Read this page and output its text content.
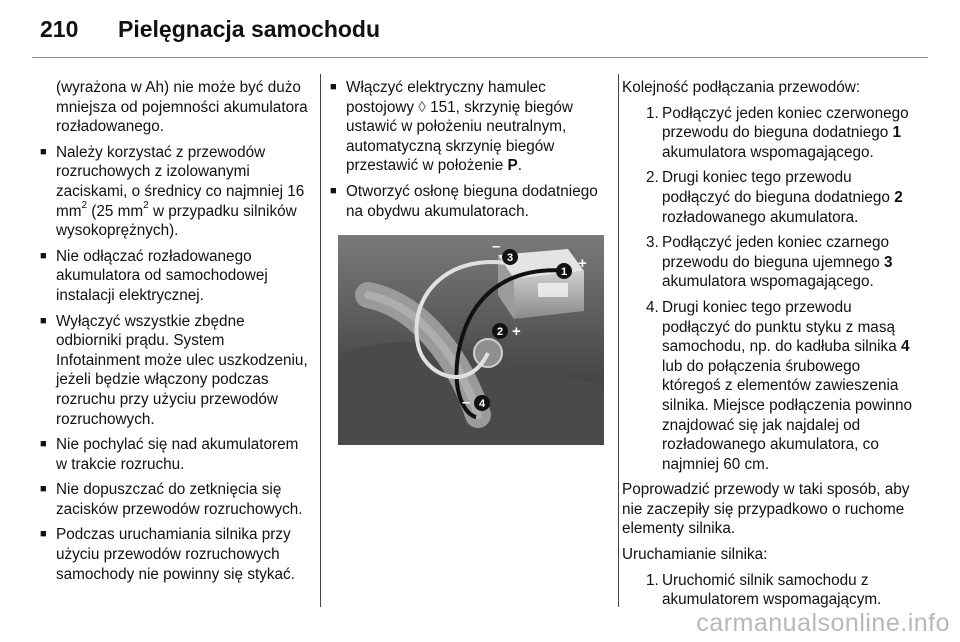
210 Pielęgnacja samochodu

(wyrażona w Ah) nie może być dużo mniejsza od pojemności akumulatora rozładowanego.

■ Należy korzystać z przewodów rozruchowych z izolowanymi zaciskami, o średnicy co najmniej 16 $mm^2$ (25 $mm^2$ w przypadku silników wysokoprężnych).
■ Nie odłączać rozładowanego akumulatora od samochodowej instalacji elektrycznej.
■ Wyłączyć wszystkie zbędne odbiorniki prądu. System Infotainment może ulec uszkodzeniu, jeżeli będzie włączony podczas rozruchu przy użyciu przewodów rozruchowych.
■ Nie pochylać się nad akumulatorem w trakcie rozruchu.
■ Nie dopuszczać do zetknięcia się zacisków przewodów rozruchowych.
■ Podczas uruchamiania silnika przy użyciu przewodów rozruchowych samochody nie powinny się stykać.
■ Włączyć elektryczny hamulec postojowy ◊ 151, skrzynię biegów ustawić w położeniu neutralnym, automatyczną skrzynię biegów przestawić w położenie P.
■ Otworzyć osłonę bieguna dodatniego na obydwu akumulatorach.
1 +
2 +
3
–
4
–

Kolejność podłączania przewodów:

1. Podłączyć jeden koniec czerwonego przewodu do bieguna dodatniego 1 akumulatora wspomagającego.
2. Drugi koniec tego przewodu podłączyć do bieguna dodatniego 2 rozładowanego akumulatora.
3. Podłączyć jeden koniec czarnego przewodu do bieguna ujemnego 3 akumulatora wspomagającego.
4. Drugi koniec tego przewodu podłączyć do punktu styku z masą samochodu, np. do kadłuba silnika 4 lub do połączenia śrubowego któregoś z elementów zawieszenia silnika. Miejsce podłączenia powinno znajdować się jak najdalej od rozładowanego akumulatora, co najmniej 60 cm.

Poprowadzić przewody w taki sposób, aby nie zaczepiły się przypadkowo o ruchome elementy silnika.

Uruchamianie silnika:

1. Uruchomić silnik samochodu z akumulatorem wspomagającym.
carmanualsonline.info
